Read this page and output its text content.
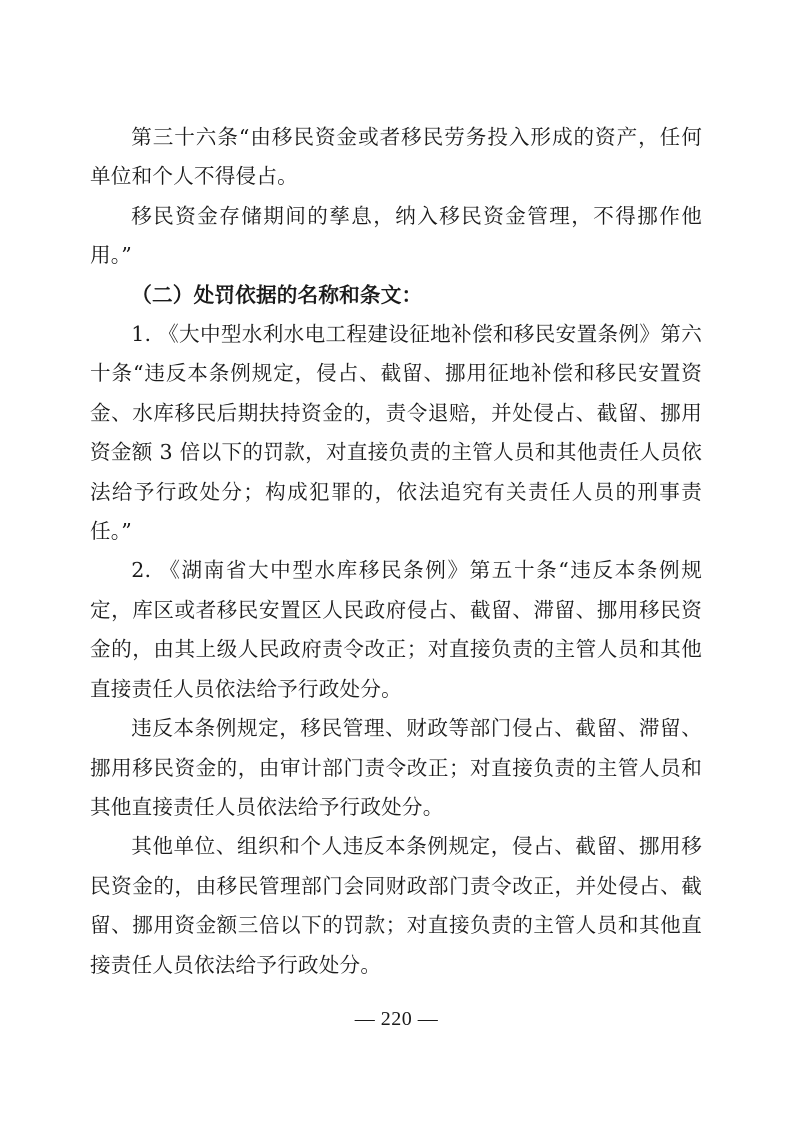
第三十六条“由移民资金或者移民劳务投入形成的资产，任何单位和个人不得侵占。

移民资金存储期间的孳息，纳入移民资金管理，不得挪作他用。”

（二）处罚依据的名称和条文：

1. 《大中型水利水电工程建设征地补偿和移民安置条例》第六十条“违反本条例规定，侵占、截留、挪用征地补偿和移民安置资金、水库移民后期扶持资金的，责令退赔，并处侵占、截留、挪用资金额 3 倍以下的罚款，对直接负责的主管人员和其他责任人员依法给予行政处分；构成犯罪的，依法追究有关责任人员的刑事责任。”

2. 《湖南省大中型水库移民条例》第五十条“违反本条例规定，库区或者移民安置区人民政府侵占、截留、滞留、挪用移民资金的，由其上级人民政府责令改正；对直接负责的主管人员和其他直接责任人员依法给予行政处分。

违反本条例规定，移民管理、财政等部门侵占、截留、滞留、挪用移民资金的，由审计部门责令改正；对直接负责的主管人员和其他直接责任人员依法给予行政处分。

其他单位、组织和个人违反本条例规定，侵占、截留、挪用移民资金的，由移民管理部门会同财政部门责令改正，并处侵占、截留、挪用资金额三倍以下的罚款；对直接负责的主管人员和其他直接责任人员依法给予行政处分。

— 220 —
